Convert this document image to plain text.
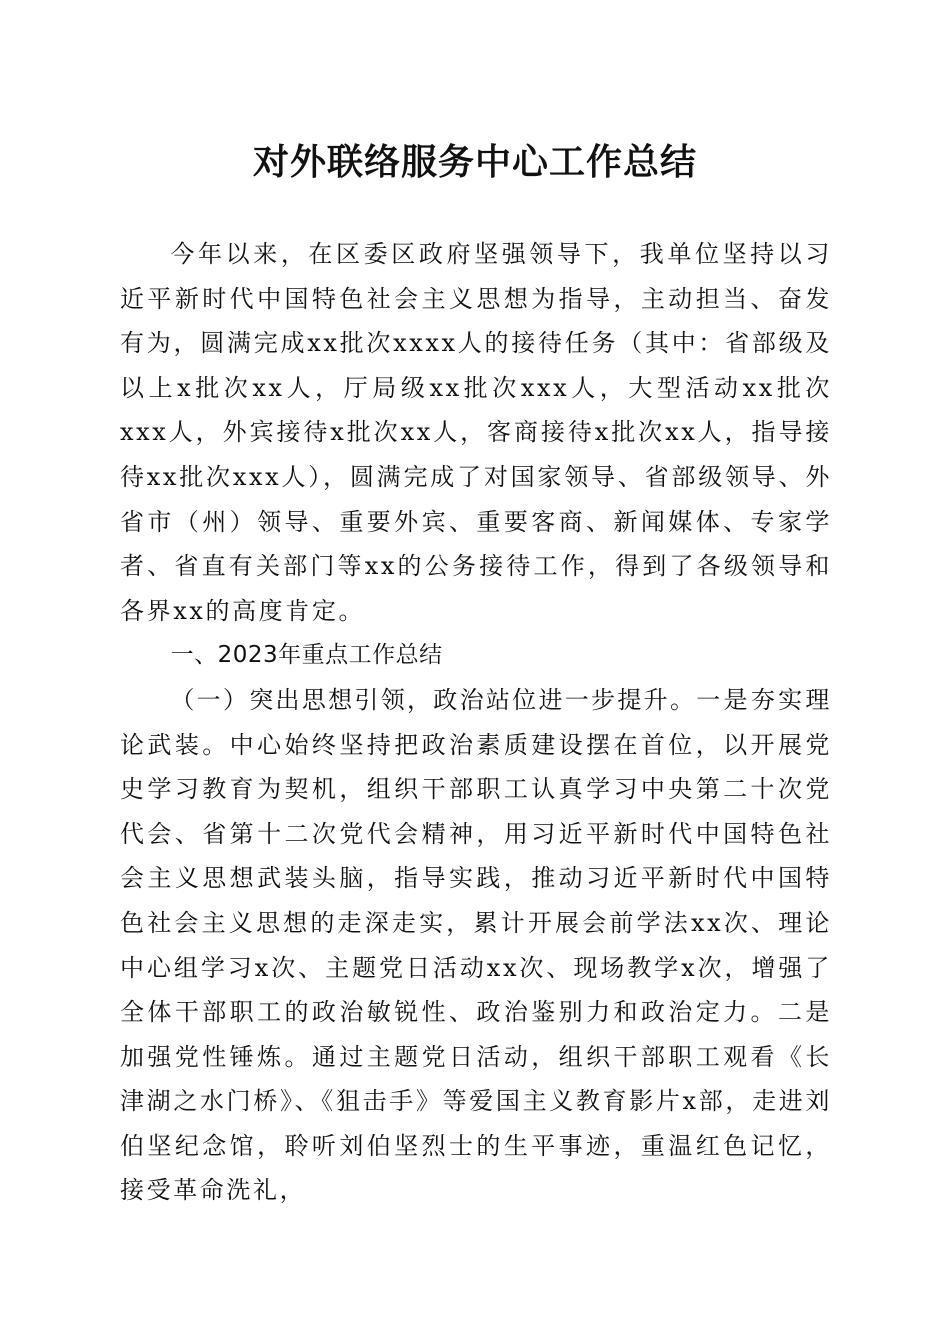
对外联络服务中心工作总结

今年以来，在区委区政府坚强领导下，我单位坚持以习近平新时代中国特色社会主义思想为指导，主动担当、奋发有为，圆满完成xx批次xxxx人的接待任务（其中：省部级及以上x批次xx人，厅局级xx批次xxx人，大型活动xx批次xxx人，外宾接待x批次xx人，客商接待x批次xx人，指导接待xx批次xxx人），圆满完成了对国家领导、省部级领导、外省市（州）领导、重要外宾、重要客商、新闻媒体、专家学者、省直有关部门等xx的公务接待工作，得到了各级领导和各界xx的高度肯定。

一、2023年重点工作总结

（一）突出思想引领，政治站位进一步提升。一是夯实理论武装。中心始终坚持把政治素质建设摆在首位，以开展党史学习教育为契机，组织干部职工认真学习中央第二十次党代会、省第十二次党代会精神，用习近平新时代中国特色社会主义思想武装头脑，指导实践，推动习近平新时代中国特色社会主义思想的走深走实，累计开展会前学法xx次、理论中心组学习x次、主题党日活动xx次、现场教学x次，增强了全体干部职工的政治敏锐性、政治鉴别力和政治定力。二是加强党性锤炼。通过主题党日活动，组织干部职工观看《长津湖之水门桥》、《狙击手》等爱国主义教育影片x部，走进刘伯坚纪念馆，聆听刘伯坚烈士的生平事迹，重温红色记忆，接受革命洗礼，
